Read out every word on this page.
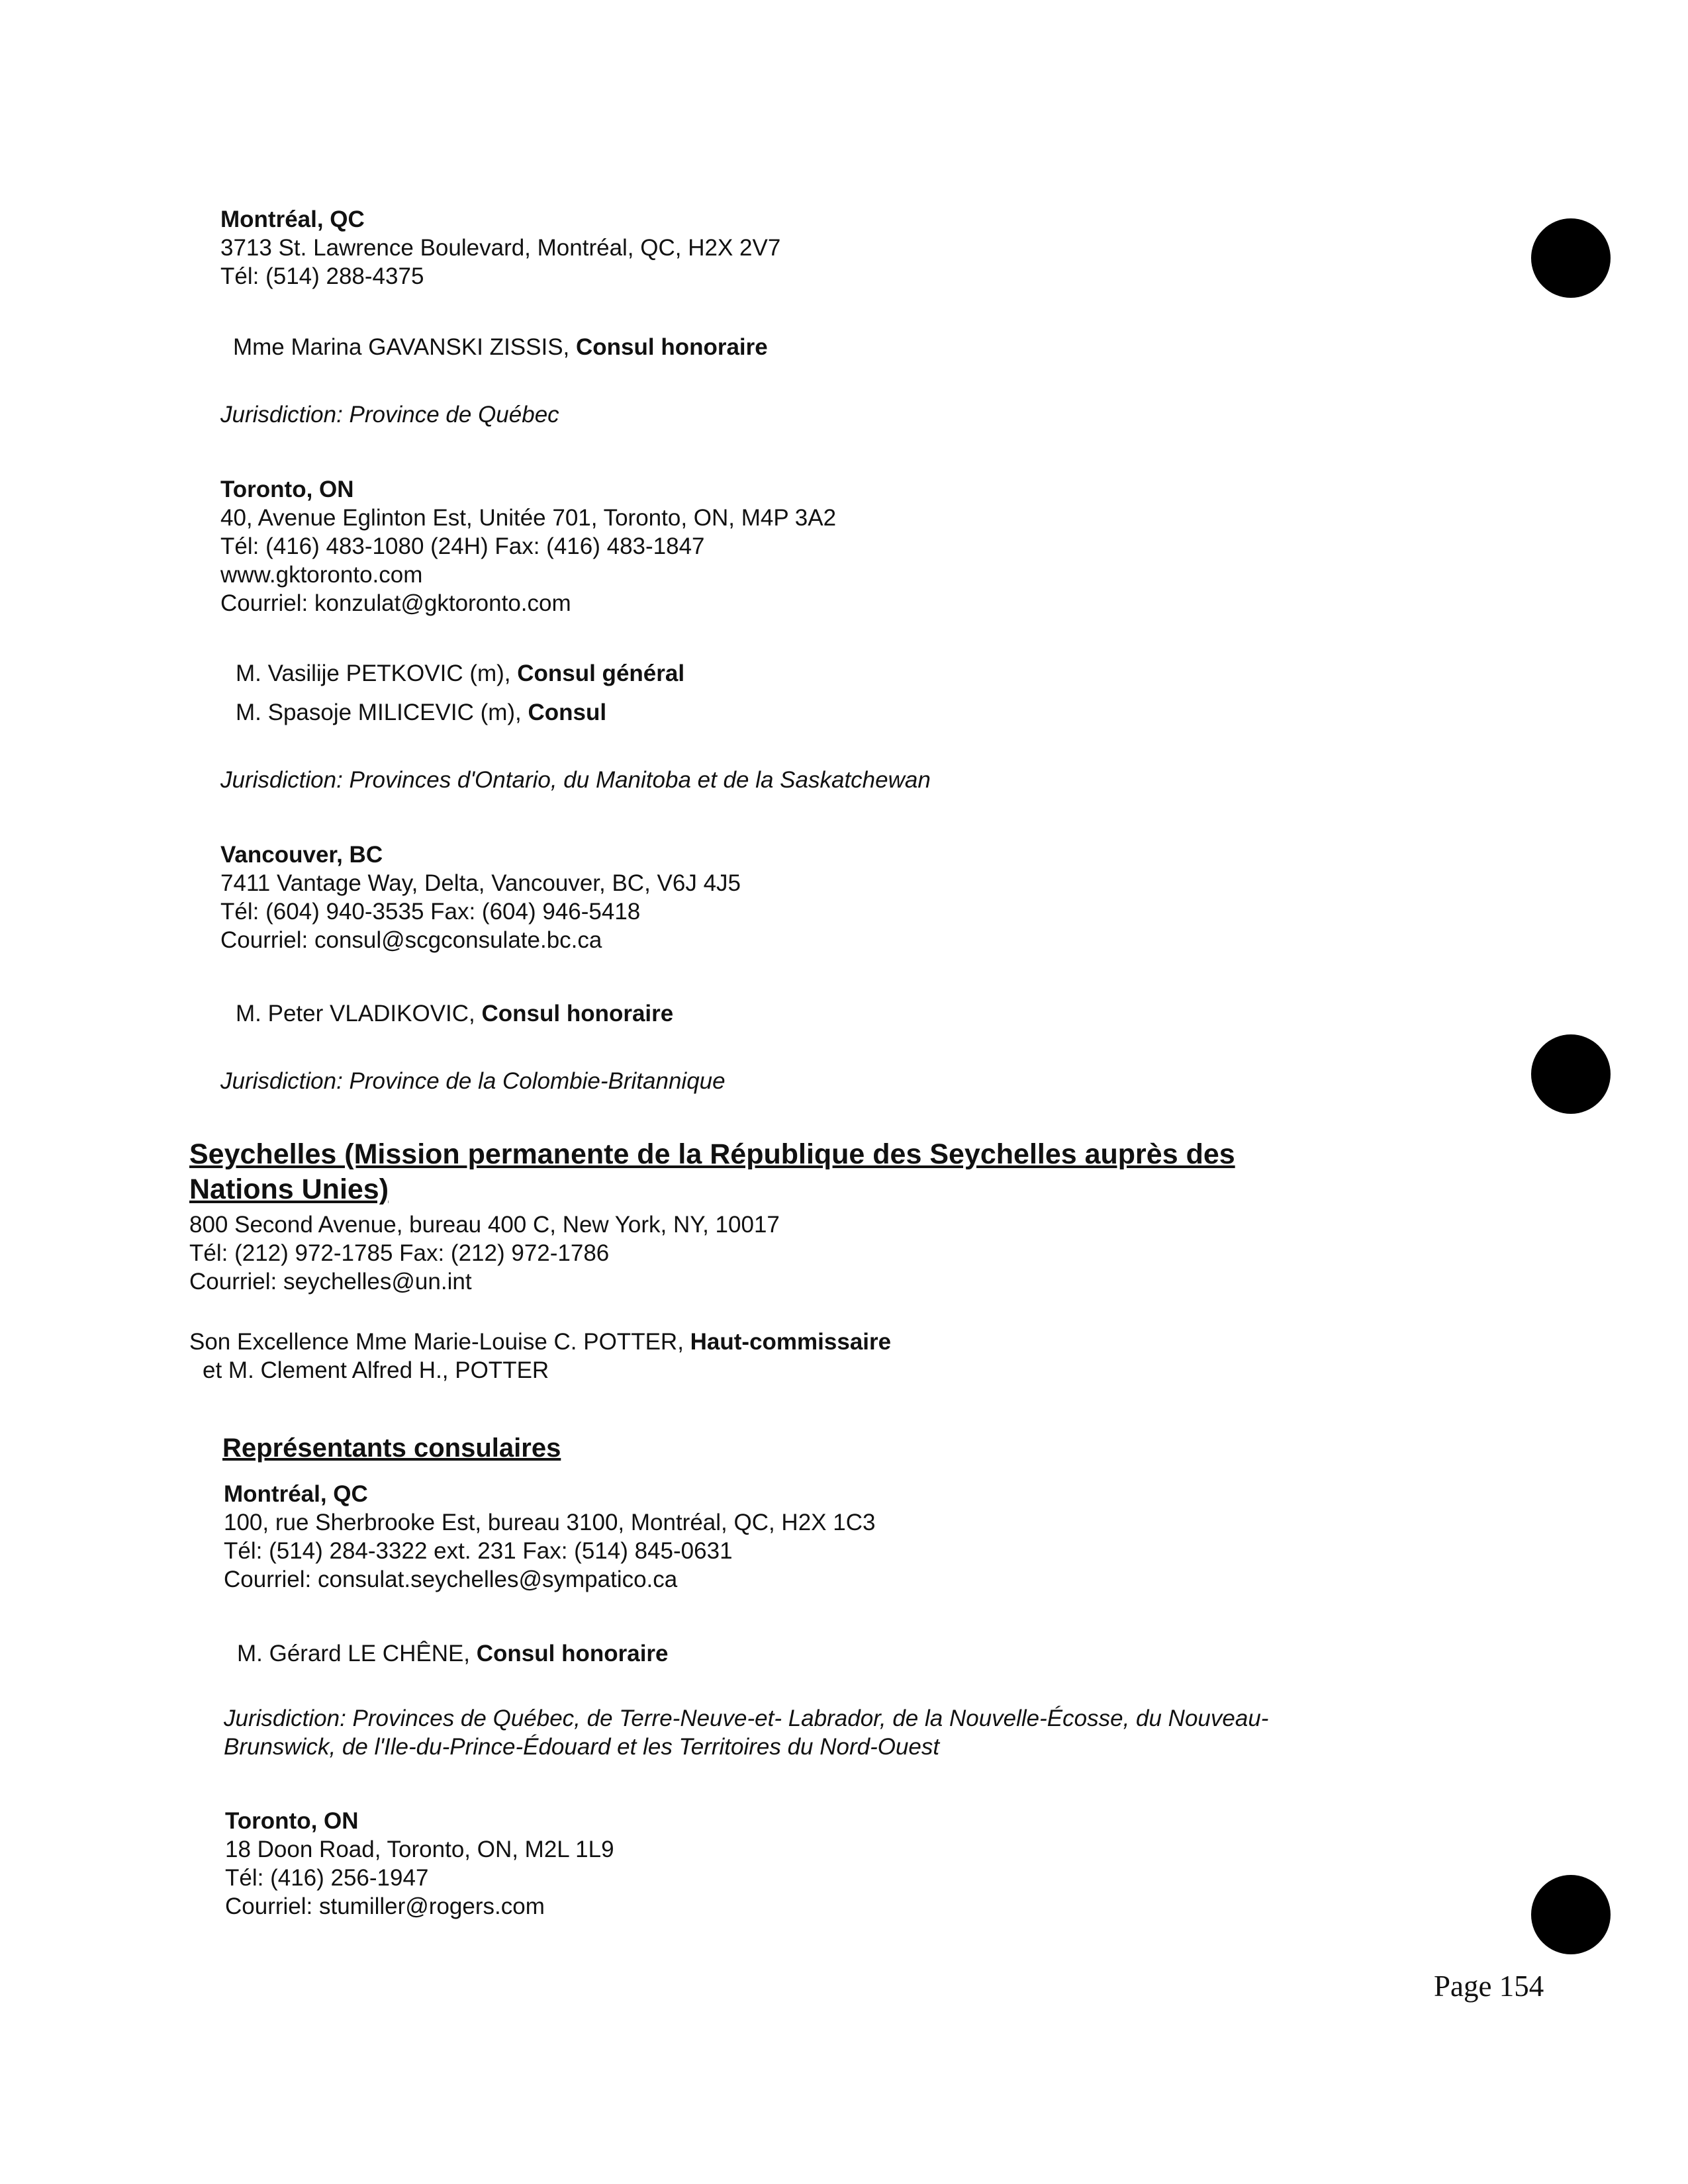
Montréal, QC
3713 St. Lawrence Boulevard, Montréal, QC, H2X 2V7
Tél: (514) 288-4375
Mme Marina GAVANSKI ZISSIS, Consul honoraire
Jurisdiction: Province de Québec
Toronto, ON
40, Avenue Eglinton Est, Unitée 701, Toronto, ON, M4P 3A2
Tél: (416) 483-1080 (24H) Fax: (416) 483-1847
www.gktoronto.com
Courriel: konzulat@gktoronto.com
M. Vasilije PETKOVIC (m), Consul général
M. Spasoje MILICEVIC (m), Consul
Jurisdiction: Provinces d'Ontario, du Manitoba et de la Saskatchewan
Vancouver, BC
7411 Vantage Way, Delta, Vancouver, BC, V6J 4J5
Tél: (604) 940-3535 Fax: (604) 946-5418
Courriel: consul@scgconsulate.bc.ca
M. Peter VLADIKOVIC, Consul honoraire
Jurisdiction: Province de la Colombie-Britannique
Seychelles (Mission permanente de la République des Seychelles auprès des Nations Unies)
800 Second Avenue, bureau 400 C, New York, NY, 10017
Tél: (212) 972-1785 Fax: (212) 972-1786
Courriel: seychelles@un.int
Son Excellence Mme Marie-Louise C. POTTER, Haut-commissaire
et M. Clement Alfred H., POTTER
Représentants consulaires
Montréal, QC
100, rue Sherbrooke Est, bureau 3100, Montréal, QC, H2X 1C3
Tél: (514) 284-3322 ext. 231 Fax: (514) 845-0631
Courriel: consulat.seychelles@sympatico.ca
M. Gérard LE CHÊNE, Consul honoraire
Jurisdiction: Provinces de Québec, de Terre-Neuve-et- Labrador, de la Nouvelle-Écosse, du Nouveau-
Brunswick, de l'Ile-du-Prince-Édouard et les Territoires du Nord-Ouest
Toronto, ON
18 Doon Road, Toronto, ON, M2L 1L9
Tél: (416) 256-1947
Courriel: stumiller@rogers.com
Page 154
